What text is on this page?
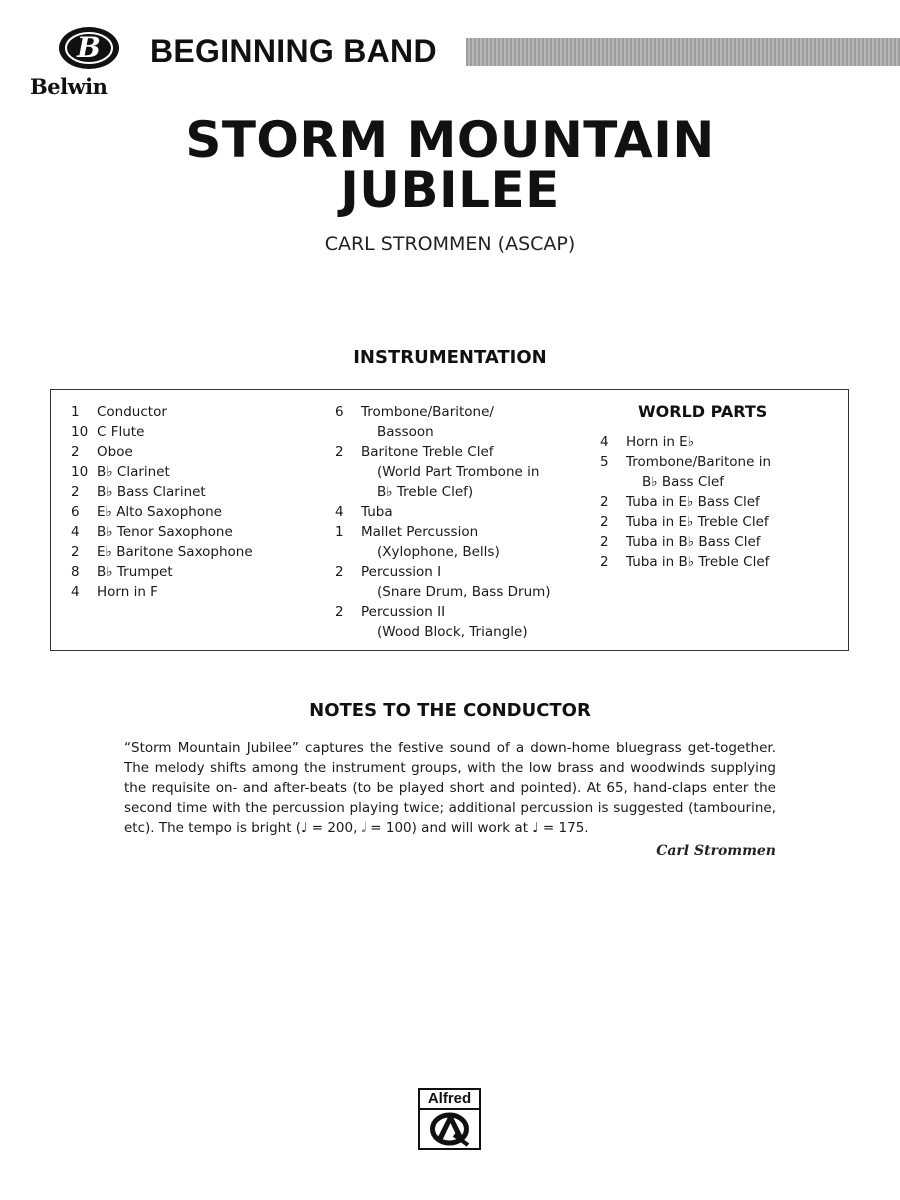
B
Belwin
BEGINNING BAND
STORM MOUNTAIN
JUBILEE
CARL STROMMEN (ASCAP)
INSTRUMENTATION
1	Conductor
10 C Flute
2	Oboe
10 B♭ Clarinet
2	B♭ Bass Clarinet
6	E♭ Alto Saxophone
4	B♭ Tenor Saxophone
2	E♭ Baritone Saxophone
8	B♭ Trumpet
4	Horn in F
6	Trombone/Baritone/
Bassoon
2	Baritone Treble Clef
(World Part Trombone in
B♭ Treble Clef)
4	Tuba
1	Mallet Percussion
(Xylophone, Bells)
2	Percussion I
(Snare Drum, Bass Drum)
2	Percussion II
(Wood Block, Triangle)
WORLD PARTS
4	Horn in E♭
5	Trombone/Baritone in
B♭ Bass Clef
2	Tuba in E♭ Bass Clef
2	Tuba in E♭ Treble Clef
2	Tuba in B♭ Bass Clef
2	Tuba in B♭ Treble Clef
NOTES TO THE CONDUCTOR
“Storm Mountain Jubilee” captures the festive sound of a down-home bluegrass get-together. The melody shifts among the instrument groups, with the low brass and woodwinds supplying the requisite on- and after-beats (to be played short and pointed). At 65, hand-claps enter the second time with the percussion playing twice; additional percussion is suggested (tambourine, etc). The tempo is bright (♩ = 200, 𝅗𝅥 = 100) and will work at ♩ = 175.
Carl Strommen
Alfred
